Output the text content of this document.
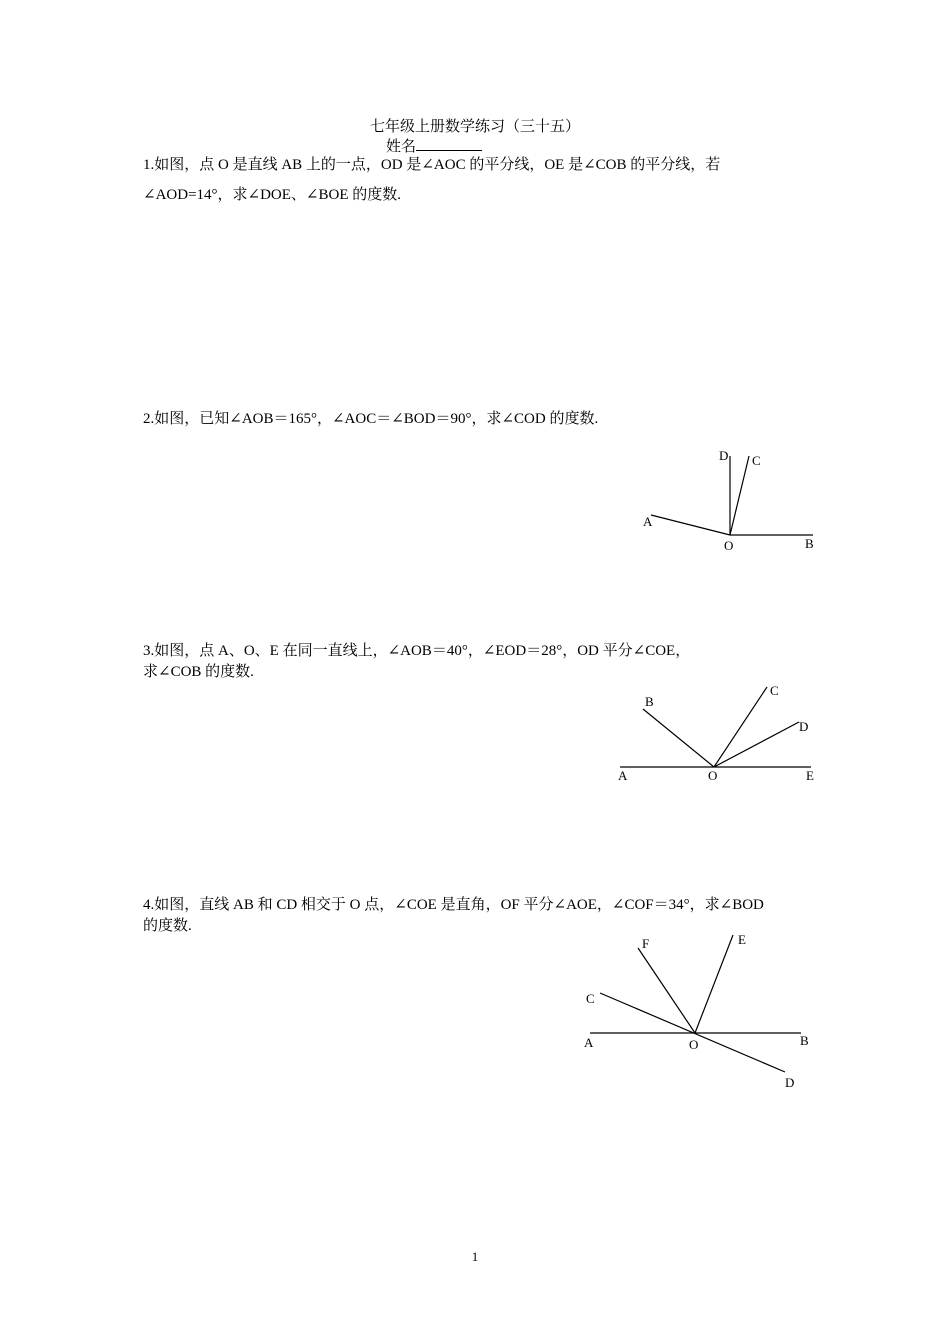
七年级上册数学练习（三十五）
姓名
1.如图，点 O 是直线 AB 上的一点，OD 是∠AOC 的平分线，OE 是∠COB 的平分线，若
∠AOD=14°，求∠DOE、∠BOE 的度数.
2.如图，已知∠AOB＝165°，∠AOC＝∠BOD＝90°，求∠COD 的度数.
D C
A
O	B
3.如图，点 A、O、E 在同一直线上，∠AOB＝40°，∠EOD＝28°，OD 平分∠COE，
求∠COB 的度数.
B
C
D
A	O	E
4.如图，直线 AB 和 CD 相交于 O 点，∠COE 是直角，OF 平分∠AOE，∠COF＝34°，求∠BOD
的度数.
F	E
C
A	O	B
D
1
